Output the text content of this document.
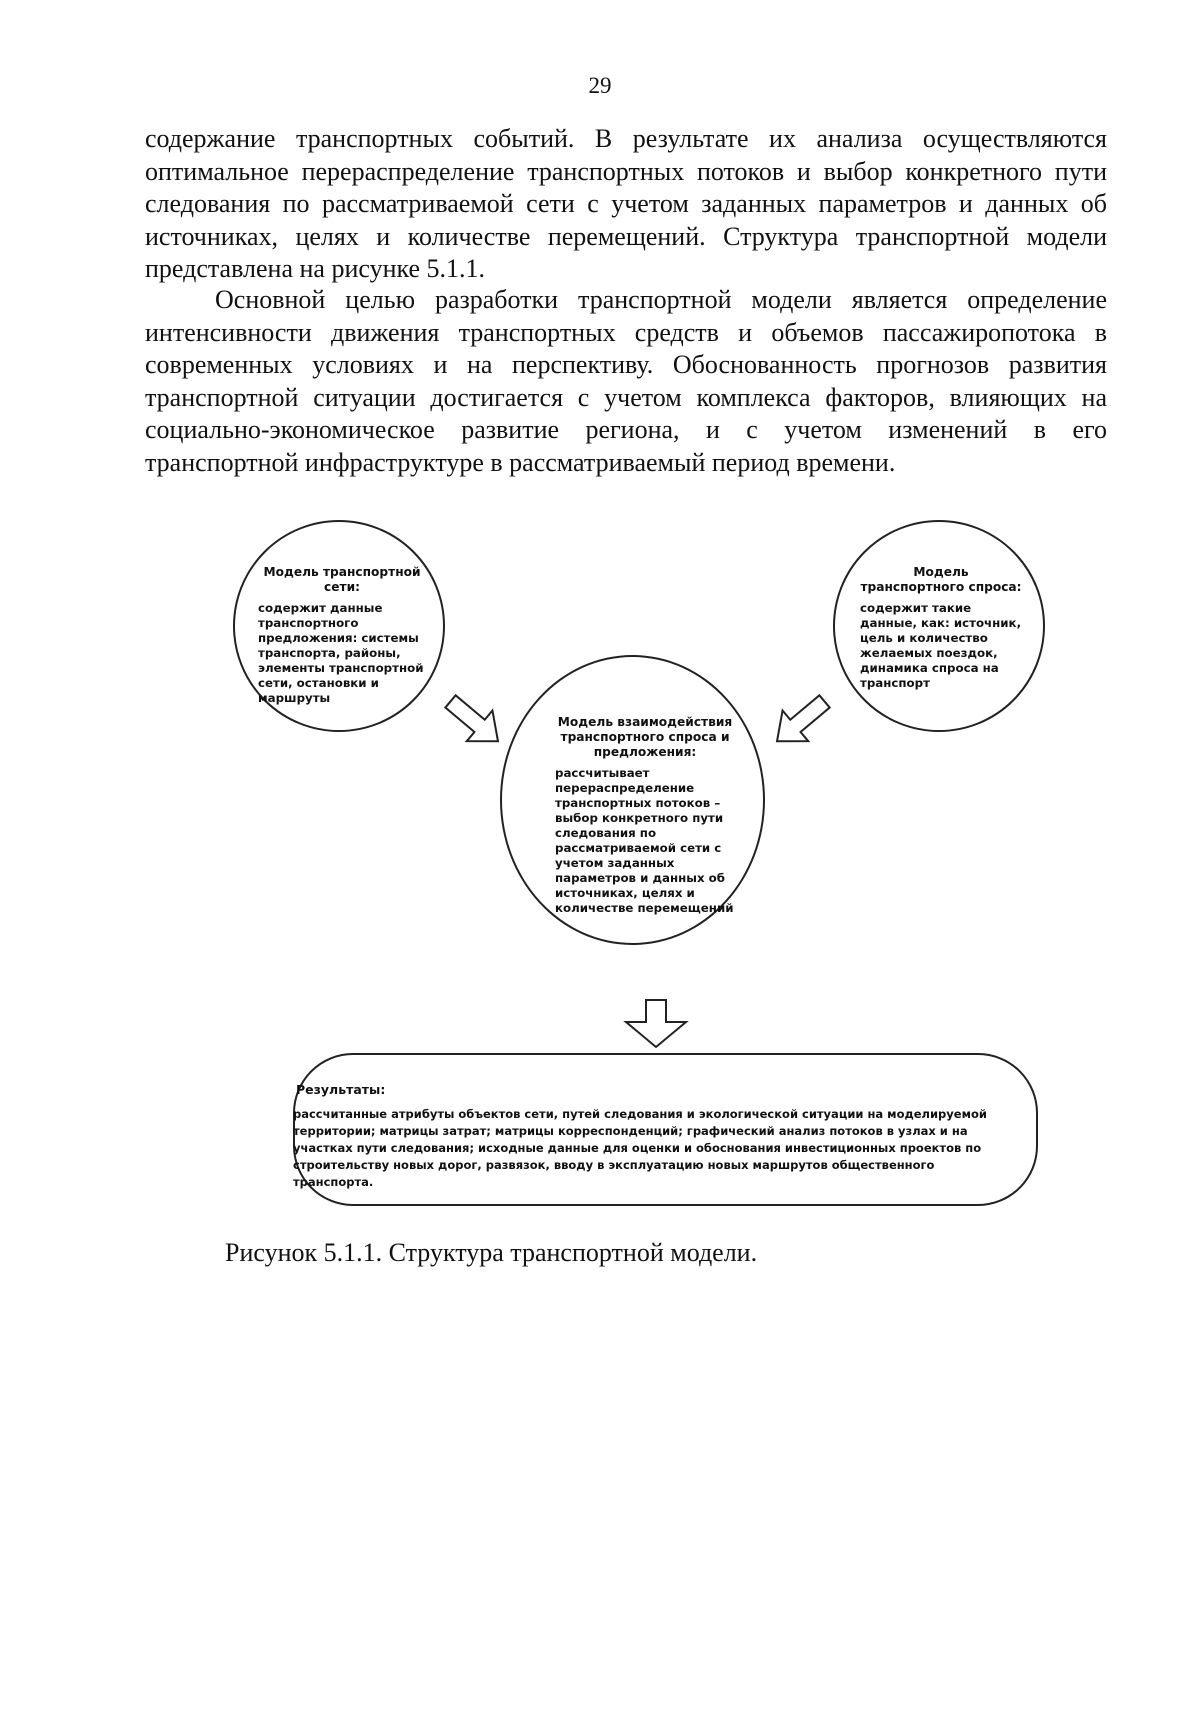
29

содержание транспортных событий. В результате их анализа осуществляются оптимальное перераспределение транспортных потоков и выбор конкретного пути следования по рассматриваемой сети с учетом заданных параметров и данных об источниках, целях и количестве перемещений. Структура транспортной модели представлена на рисунке 5.1.1.

Основной целью разработки транспортной модели является определение интенсивности движения транспортных средств и объемов пассажиропотока в современных условиях и на перспективу. Обоснованность прогнозов развития транспортной ситуации достигается с учетом комплекса факторов, влияющих на социально-экономическое развитие региона, и с учетом изменений в его транспортной инфраструктуре в рассматриваемый период времени.

Модель транспортной сети:
содержит данные транспортного предложения: системы транспорта, районы, элементы транспортной сети, остановки и маршруты
Модель транспортного спроса:
содержит такие данные, как: источник, цель и количество желаемых поездок, динамика спроса на транспорт
Модель взаимодействия транспортного спроса и предложения:
рассчитывает перераспределение транспортных потоков – выбор конкретного пути следования по рассматриваемой сети с учетом заданных параметров и данных об источниках, целях и количестве перемещений
Результаты:
рассчитанные атрибуты объектов сети, путей следования и экологической ситуации на моделируемой территории; матрицы затрат; матрицы корреспонденций; графический анализ потоков в узлах и на участках пути следования; исходные данные для оценки и обоснования инвестиционных проектов по строительству новых дорог, развязок, вводу в эксплуатацию новых маршрутов общественного транспорта.
Рисунок 5.1.1. Структура транспортной модели.
